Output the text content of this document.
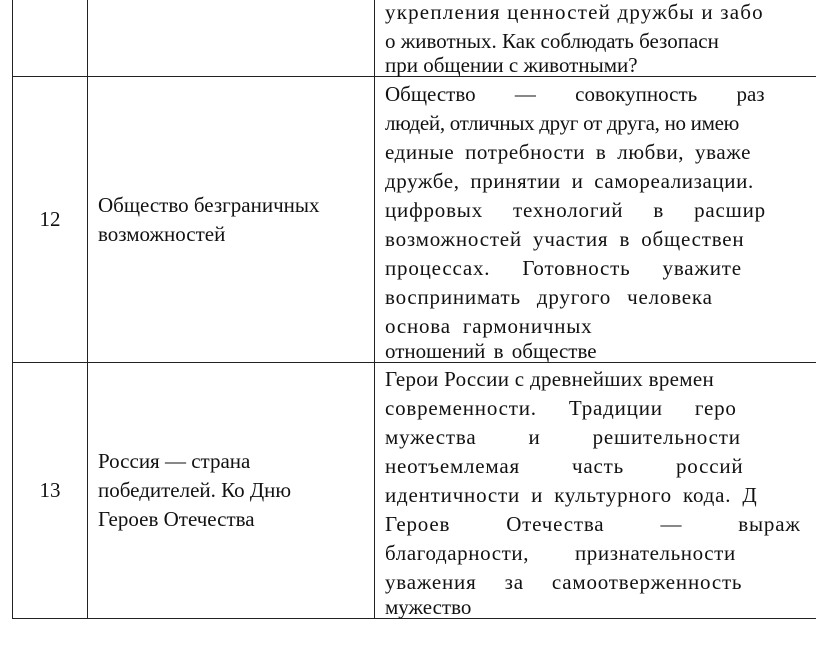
укрепления ценностей дружбы и забо
о животных. Как соблюдать безопасн
при общении с животными?
12
Общество безграничных
возможностей
Общество — совокупность раз
людей, отличных друг от друга, но имею
единые потребности в любви, уваже
дружбе, принятии и самореализации.
цифровых технологий в расшир
возможностей участия в обществен
процессах. Готовность уважите
воспринимать другого человека
основа гармоничных
отношений в обществе
13
Россия — страна
победителей. Ко Дню
Героев Отечества
Герои России с древнейших времен
современности. Традиции геро
мужества и решительности
неотъемлемая часть россий
идентичности и культурного кода. Д
Героев Отечества — выраж
благодарности, признательности
уважения за самоотверженность
мужество
